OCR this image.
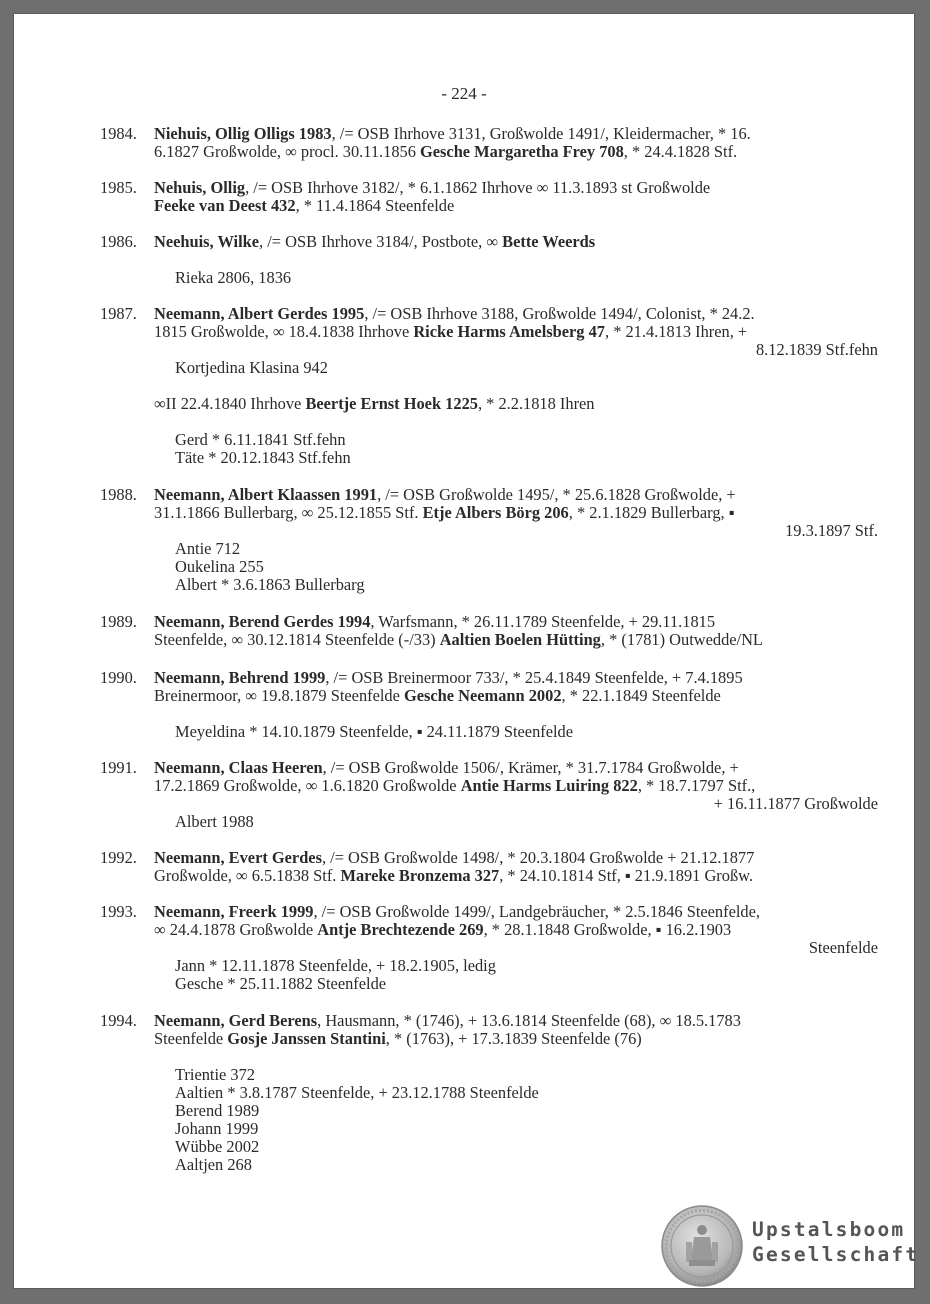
- 224 -
1984. Niehuis, Ollig Olligs 1983, /= OSB Ihrhove 3131, Großwolde 1491/, Kleidermacher, * 16.
6.1827 Großwolde, ∞ procl. 30.11.1856 Gesche Margaretha Frey 708, * 24.4.1828 Stf.
1985. Nehuis, Ollig, /= OSB Ihrhove 3182/, * 6.1.1862 Ihrhove ∞ 11.3.1893 st Großwolde
Feeke van Deest 432, * 11.4.1864 Steenfelde
1986. Neehuis, Wilke, /= OSB Ihrhove 3184/, Postbote, ∞ Bette Weerds
Rieka 2806, 1836
1987. Neemann, Albert Gerdes 1995, /= OSB Ihrhove 3188, Großwolde 1494/, Colonist, * 24.2.
1815 Großwolde, ∞ 18.4.1838 Ihrhove Ricke Harms Amelsberg 47, * 21.4.1813 Ihren, +
8.12.1839 Stf.fehn
Kortjedina Klasina 942
∞II 22.4.1840 Ihrhove Beertje Ernst Hoek 1225, * 2.2.1818 Ihren
Gerd * 6.11.1841 Stf.fehn
Täte * 20.12.1843 Stf.fehn
1988. Neemann, Albert Klaassen 1991, /= OSB Großwolde 1495/, * 25.6.1828 Großwolde, +
31.1.1866 Bullerbarg, ∞ 25.12.1855 Stf. Etje Albers Börg 206, * 2.1.1829 Bullerbarg, ▪
19.3.1897 Stf.
Antie 712
Oukelina 255
Albert * 3.6.1863 Bullerbarg
1989. Neemann, Berend Gerdes 1994, Warfsmann, * 26.11.1789 Steenfelde, + 29.11.1815
Steenfelde, ∞ 30.12.1814 Steenfelde (-/33) Aaltien Boelen Hütting, * (1781) Outwedde/NL
1990. Neemann, Behrend 1999, /= OSB Breinermoor 733/, * 25.4.1849 Steenfelde, + 7.4.1895
Breinermoor, ∞ 19.8.1879 Steenfelde Gesche Neemann 2002, * 22.1.1849 Steenfelde
Meyeldina * 14.10.1879 Steenfelde, ▪ 24.11.1879 Steenfelde
1991. Neemann, Claas Heeren, /= OSB Großwolde 1506/, Krämer, * 31.7.1784 Großwolde, +
17.2.1869 Großwolde, ∞ 1.6.1820 Großwolde Antie Harms Luiring 822, * 18.7.1797 Stf.,
+ 16.11.1877 Großwolde
Albert 1988
1992. Neemann, Evert Gerdes, /= OSB Großwolde 1498/, * 20.3.1804 Großwolde + 21.12.1877
Großwolde, ∞ 6.5.1838 Stf. Mareke Bronzema 327, * 24.10.1814 Stf, ▪ 21.9.1891 Großw.
1993. Neemann, Freerk 1999, /= OSB Großwolde 1499/, Landgebräucher, * 2.5.1846 Steenfelde,
∞ 24.4.1878 Großwolde Antje Brechtezende 269, * 28.1.1848 Großwolde, ▪ 16.2.1903
Steenfelde
Jann * 12.11.1878 Steenfelde, + 18.2.1905, ledig
Gesche * 25.11.1882 Steenfelde
1994. Neemann, Gerd Berens, Hausmann, * (1746), + 13.6.1814 Steenfelde (68), ∞ 18.5.1783
Steenfelde Gosje Janssen Stantini, * (1763), + 17.3.1839 Steenfelde (76)
Trientie 372
Aaltien * 3.8.1787 Steenfelde, + 23.12.1788 Steenfelde
Berend 1989
Johann 1999
Wübbe 2002
Aaltjen 268
Upstalsboom
Gesellschaft
